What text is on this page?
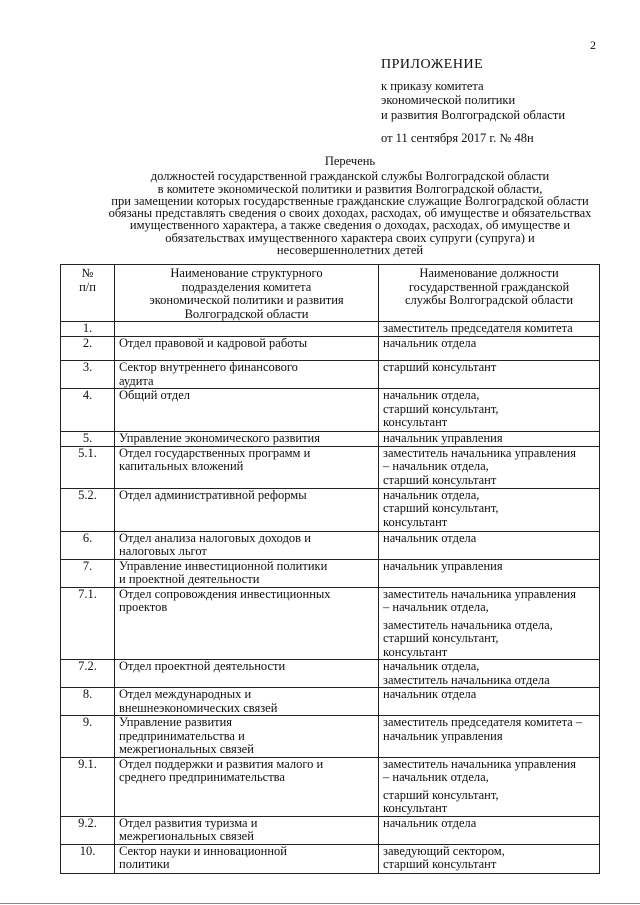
2
ПРИЛОЖЕНИЕ
к приказу комитета
экономической политики
и развития Волгоградской области
от 11 сентября 2017 г. № 48н
Перечень
должностей государственной гражданской службы Волгоградской области
в комитете экономической политики и развития Волгоградской области,
при замещении которых государственные гражданские служащие Волгоградской области
обязаны представлять сведения о своих доходах, расходах, об имуществе и обязательствах
имущественного характера, а также сведения о доходах, расходах, об имуществе и
обязательствах имущественного характера своих супруги (супруга) и
несовершеннолетних детей
№
п/п	Наименование структурного
подразделения комитета
экономической политики и развития
Волгоградской области	Наименование должности
государственной гражданской
службы Волгоградской области

1.		заместитель председателя комитета

2.	Отдел правовой и кадровой работы	начальник отдела

3.	Сектор внутреннего финансового
аудита	старший консультант

4.	Общий отдел	начальник отдела,
старший консультант,
консультант

5.	Управление экономического развития	начальник управления

5.1.	Отдел государственных программ и
капитальных вложений	заместитель начальника управления
– начальник отдела,
старший консультант

5.2.	Отдел административной реформы	начальник отдела,
старший консультант,
консультант

6.	Отдел анализа налоговых доходов и
налоговых льгот	начальник отдела

7.	Управление инвестиционной политики
и проектной деятельности	начальник управления

7.1.	Отдел сопровождения инвестиционных
проектов	заместитель начальника управления
– начальник отдела,
заместитель начальника отдела,
старший консультант,
консультант

7.2.	Отдел проектной деятельности	начальник отдела,
заместитель начальника отдела

8.	Отдел международных и
внешнеэкономических связей	начальник отдела

9.	Управление развития
предпринимательства и
межрегиональных связей	заместитель председателя комитета –
начальник управления

9.1.	Отдел поддержки и развития малого и
среднего предпринимательства	заместитель начальника управления
– начальник отдела,
старший консультант,
консультант

9.2.	Отдел развития туризма и
межрегиональных связей	начальник отдела

10.	Сектор науки и инновационной
политики	заведующий сектором,
старший консультант
